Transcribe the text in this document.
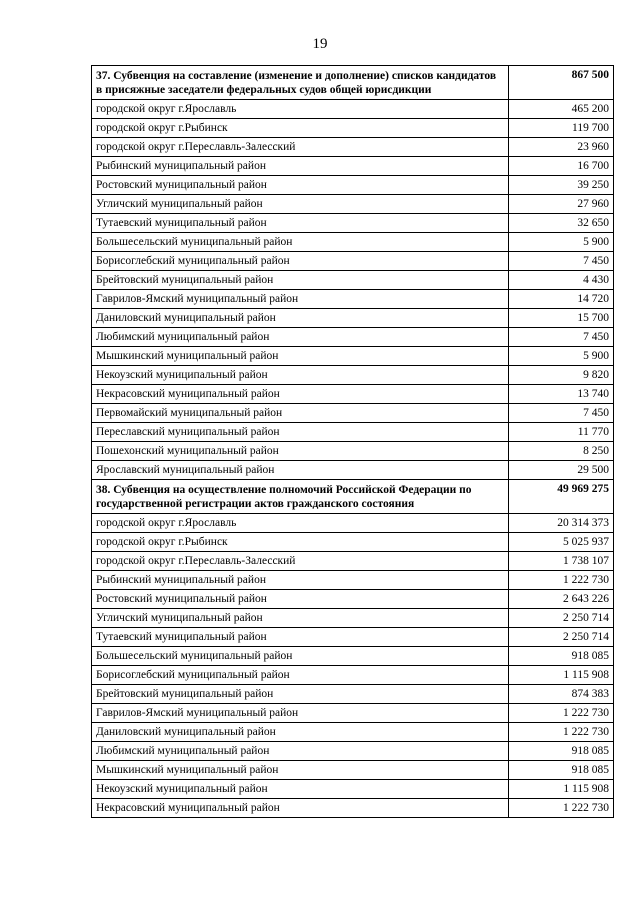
19
37. Субвенция на составление (изменение и дополнение) списков кандидатов в присяжные заседатели федеральных судов общей юрисдикции	867 500
городской округ г.Ярославль	465 200
городской округ г.Рыбинск	119 700
городской округ г.Переславль-Залесский	23 960
Рыбинский муниципальный район	16 700
Ростовский муниципальный район	39 250
Угличский муниципальный район	27 960
Тутаевский муниципальный район	32 650
Большесельский муниципальный район	5 900
Борисоглебский муниципальный район	7 450
Брейтовский муниципальный район	4 430
Гаврилов-Ямский муниципальный район	14 720
Даниловский муниципальный район	15 700
Любимский муниципальный район	7 450
Мышкинский муниципальный район	5 900
Некоузский муниципальный район	9 820
Некрасовский муниципальный район	13 740
Первомайский муниципальный район	7 450
Переславский муниципальный район	11 770
Пошехонский муниципальный район	8 250
Ярославский муниципальный район	29 500
38. Субвенция на осуществление полномочий Российской Федерации по государственной регистрации актов гражданского состояния	49 969 275
городской округ г.Ярославль	20 314 373
городской округ г.Рыбинск	5 025 937
городской округ г.Переславль-Залесский	1 738 107
Рыбинский муниципальный район	1 222 730
Ростовский муниципальный район	2 643 226
Угличский муниципальный район	2 250 714
Тутаевский муниципальный район	2 250 714
Большесельский муниципальный район	918 085
Борисоглебский муниципальный район	1 115 908
Брейтовский муниципальный район	874 383
Гаврилов-Ямский муниципальный район	1 222 730
Даниловский муниципальный район	1 222 730
Любимский муниципальный район	918 085
Мышкинский муниципальный район	918 085
Некоузский муниципальный район	1 115 908
Некрасовский муниципальный район	1 222 730
